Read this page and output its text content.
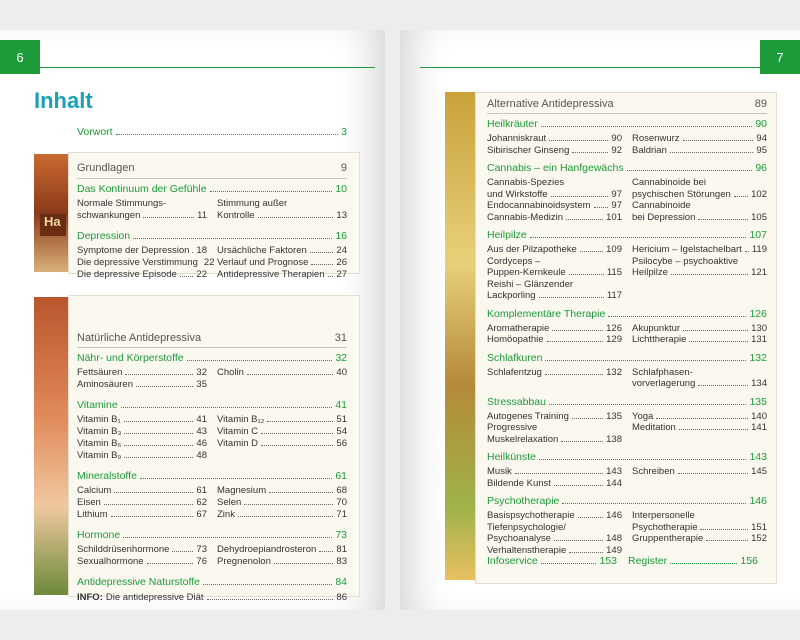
6
Inhalt
Vorwort	3
Ha
Grundlagen	9
Das Kontinuum der Gefühle	10
Normale Stimmungs-
schwankungen	11
Stimmung außer
Kontrolle	13
Depression	16
Symptome der Depression 18
Die depressive Verstimmung 22
Die depressive Episode 22
Ursächliche Faktoren	24
Verlauf und Prognose	26
Antidepressive Therapien 27
Natürliche Antidepressiva	31
Nähr- und Körperstoffe	32
Fettsäuren	32
Aminosäuren	35
Cholin	40
Vitamine	41
Vitamin B₁	41
Vitamin B₃	43
Vitamin B₆	46
Vitamin B₉	48
Vitamin B₁₂	51
Vitamin C	54
Vitamin D	56
Mineralstoffe	61
Calcium	61
Eisen	62
Lithium	67
Magnesium	68
Selen	70
Zink	71
Hormone	73
Schilddrüsenhormone	73
Sexualhormone	76
Dehydroepiandrosteron 81
Pregnenolon	83
Antidepressive Naturstoffe	84
INFO: Die antidepressive Diät	86
7
Alternative Antidepressiva	89
Heilkräuter	90
Johanniskraut	90
Sibirischer Ginseng	92
Rosenwurz	94
Baldrian	95
Cannabis – ein Hanfgewächs	96
Cannabis-Spezies
und Wirkstoffe	97
Endocannabinoidsystem 97
Cannabis-Medizin	101
Cannabinoide bei
psychischen Störungen 102
Cannabinoide
bei Depression	105
Heilpilze	107
Aus der Pilzapotheke	109
Cordyceps –
Puppen-Kernkeule	115
Reishi – Glänzender
Lackporling	117
Hericium – Igelstachelbart 119
Psilocybe – psychoaktive
Heilpilze	121
Komplementäre Therapie	126
Aromatherapie	126
Homöopathie	129
Akupunktur	130
Lichttherapie	131
Schlafkuren	132
Schlafentzug	132 Schlafphasen-
vorverlagerung	134
Stressabbau	135
Autogenes Training	135
Progressive
Muskelrelaxation	138
Yoga	140
Meditation	141
Heilkünste	143
Musik	143
Bildende Kunst	144
Schreiben	145
Psychotherapie	146
Basispsychotherapie	146
Tiefenpsychologie/
Psychoanalyse	148
Verhaltenstherapie	149
Interpersonelle
Psychotherapie	151
Gruppentherapie	152
Infoservice	153 Register	156
